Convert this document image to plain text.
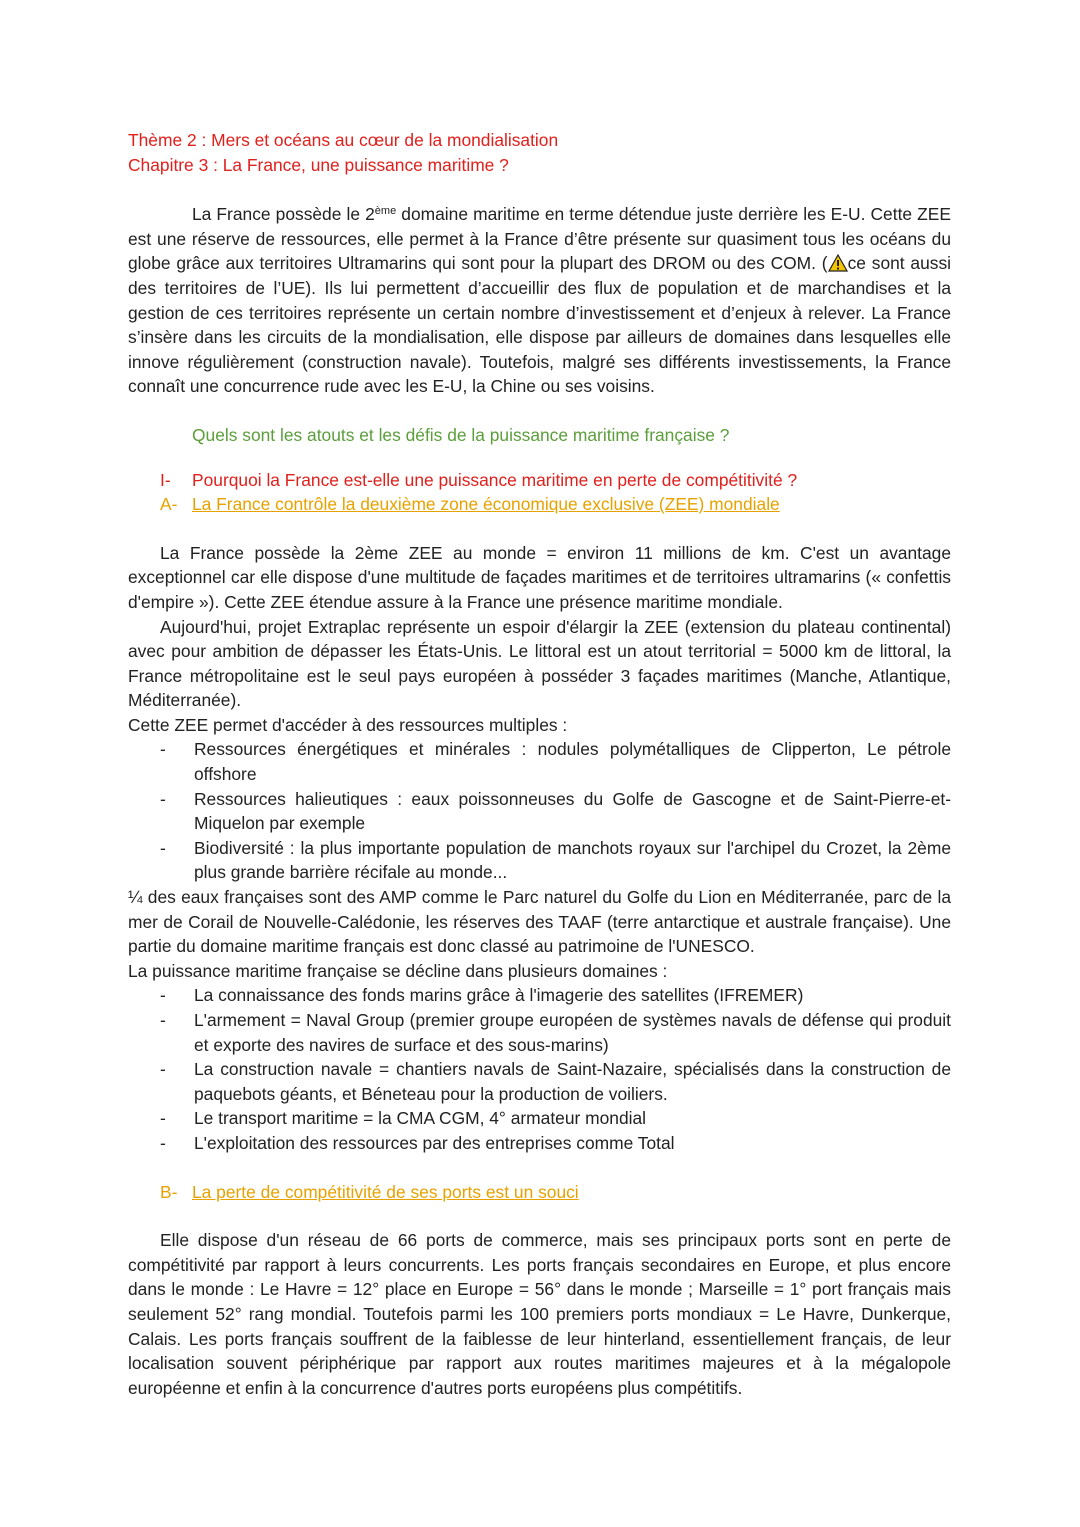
Thème 2 : Mers et océans au cœur de la mondialisation
Chapitre 3 : La France, une puissance maritime ?

La France possède le 2ème domaine maritime en terme détendue juste derrière les E-U. Cette ZEE est une réserve de ressources, elle permet à la France d’être présente sur quasiment tous les océans du globe grâce aux territoires Ultramarins qui sont pour la plupart des DROM ou des COM. ( ce sont aussi des territoires de l’UE). Ils lui permettent d’accueillir des flux de population et de marchandises et la gestion de ces territoires représente un certain nombre d’investissement et d’enjeux à relever. La France s’insère dans les circuits de la mondialisation, elle dispose par ailleurs de domaines dans lesquelles elle innove régulièrement (construction navale). Toutefois, malgré ses différents investissements, la France connaît une concurrence rude avec les E-U, la Chine ou ses voisins.

Quels sont les atouts et les défis de la puissance maritime française ?
I-	Pourquoi la France est-elle une puissance maritime en perte de compétitivité ?
A- La France contrôle la deuxième zone économique exclusive (ZEE) mondiale

La France possède la 2ème ZEE au monde = environ 11 millions de km. C'est un avantage exceptionnel car elle dispose d'une multitude de façades maritimes et de territoires ultramarins (« confettis d'empire »). Cette ZEE étendue assure à la France une présence maritime mondiale.

Aujourd'hui, projet Extraplac représente un espoir d'élargir la ZEE (extension du plateau continental) avec pour ambition de dépasser les États-Unis. Le littoral est un atout territorial = 5000 km de littoral, la France métropolitaine est le seul pays européen à posséder 3 façades maritimes (Manche, Atlantique, Méditerranée).

Cette ZEE permet d'accéder à des ressources multiples :

- Ressources énergétiques et minérales : nodules polymétalliques de Clipperton, Le pétrole offshore
- Ressources halieutiques : eaux poissonneuses du Golfe de Gascogne et de Saint-Pierre-et-Miquelon par exemple
- Biodiversité : la plus importante population de manchots royaux sur l'archipel du Crozet, la 2ème plus grande barrière récifale au monde...

¼ des eaux françaises sont des AMP comme le Parc naturel du Golfe du Lion en Méditerranée, parc de la mer de Corail de Nouvelle-Calédonie, les réserves des TAAF (terre antarctique et australe française). Une partie du domaine maritime français est donc classé au patrimoine de l'UNESCO.

La puissance maritime française se décline dans plusieurs domaines :

- La connaissance des fonds marins grâce à l'imagerie des satellites (IFREMER)
- L'armement = Naval Group (premier groupe européen de systèmes navals de défense qui produit et exporte des navires de surface et des sous-marins)
- La construction navale = chantiers navals de Saint-Nazaire, spécialisés dans la construction de paquebots géants, et Béneteau pour la production de voiliers.
- Le transport maritime = la CMA CGM, 4° armateur mondial
- L'exploitation des ressources par des entreprises comme Total
B- La perte de compétitivité de ses ports est un souci

Elle dispose d'un réseau de 66 ports de commerce, mais ses principaux ports sont en perte de compétitivité par rapport à leurs concurrents. Les ports français secondaires en Europe, et plus encore dans le monde : Le Havre = 12° place en Europe = 56° dans le monde ; Marseille = 1° port français mais seulement 52° rang mondial. Toutefois parmi les 100 premiers ports mondiaux = Le Havre, Dunkerque, Calais. Les ports français souffrent de la faiblesse de leur hinterland, essentiellement français, de leur localisation souvent périphérique par rapport aux routes maritimes majeures et à la mégalopole européenne et enfin à la concurrence d'autres ports européens plus compétitifs.
